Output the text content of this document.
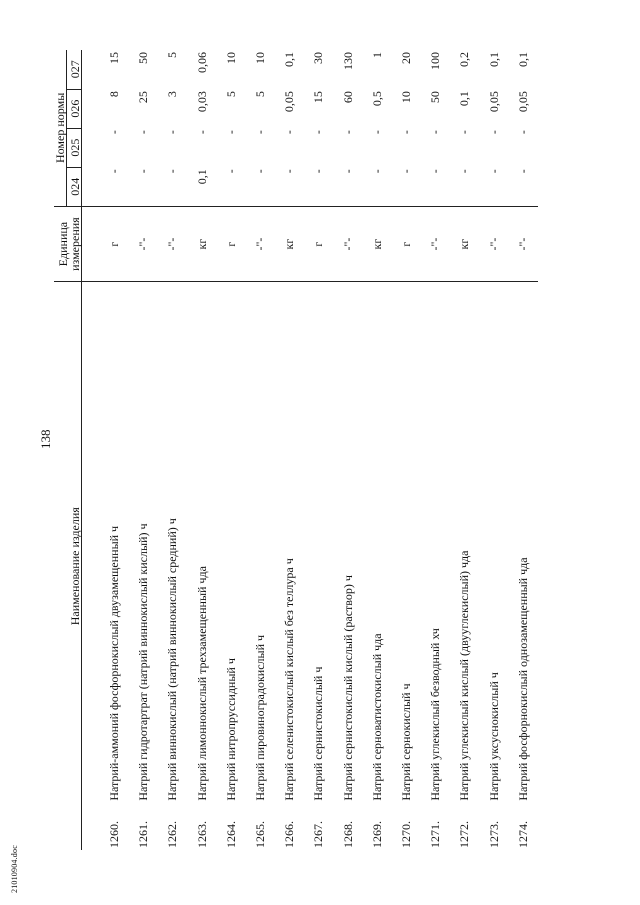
138
21010904.doc
Наименование изделия		Единица
измерения	Номер нормы			
			024	025	026	027

1260.	Натрий-аммоний фосфорнокислый двузамещенный ч	г	-	-	8	15
1261.	Натрий гидротартрат (натрий виннокислый кислый) ч	-"-	-	-	25	50
1262.	Натрий виннокислый (натрий виннокислый средний) ч	-"-	-	-	3	5
1263.	Натрий лимоннокислый трехзамещенный чда	кг	0,1	-	0,03	0,06
1264.	Натрий нитропруссидный ч	г	-	-	5	10
1265.	Натрий пировиноградокислый ч	-"-	-	-	5	10
1266.	Натрий селенистокислый кислый без теллура ч	кг	-	-	0,05	0,1
1267.	Натрий сернистокислый ч	г	-	-	15	30
1268.	Натрий сернистокислый кислый (раствор) ч	-"-	-	-	60	130
1269.	Натрий серноватистокислый чда	кг	-	-	0,5	1
1270.	Натрий сернокислый ч	г	-	-	10	20
1271.	Натрий углекислый безводный хч	-"-	-	-	50	100
1272.	Натрий углекислый кислый (двууглекислый) чда	кг	-	-	0,1	0,2
1273.	Натрий уксуснокислый ч	-"-	-	-	0,05	0,1
1274.	Натрий фосфорнокислый однозамещенный чда	-"-	-	-	0,05	0,1
